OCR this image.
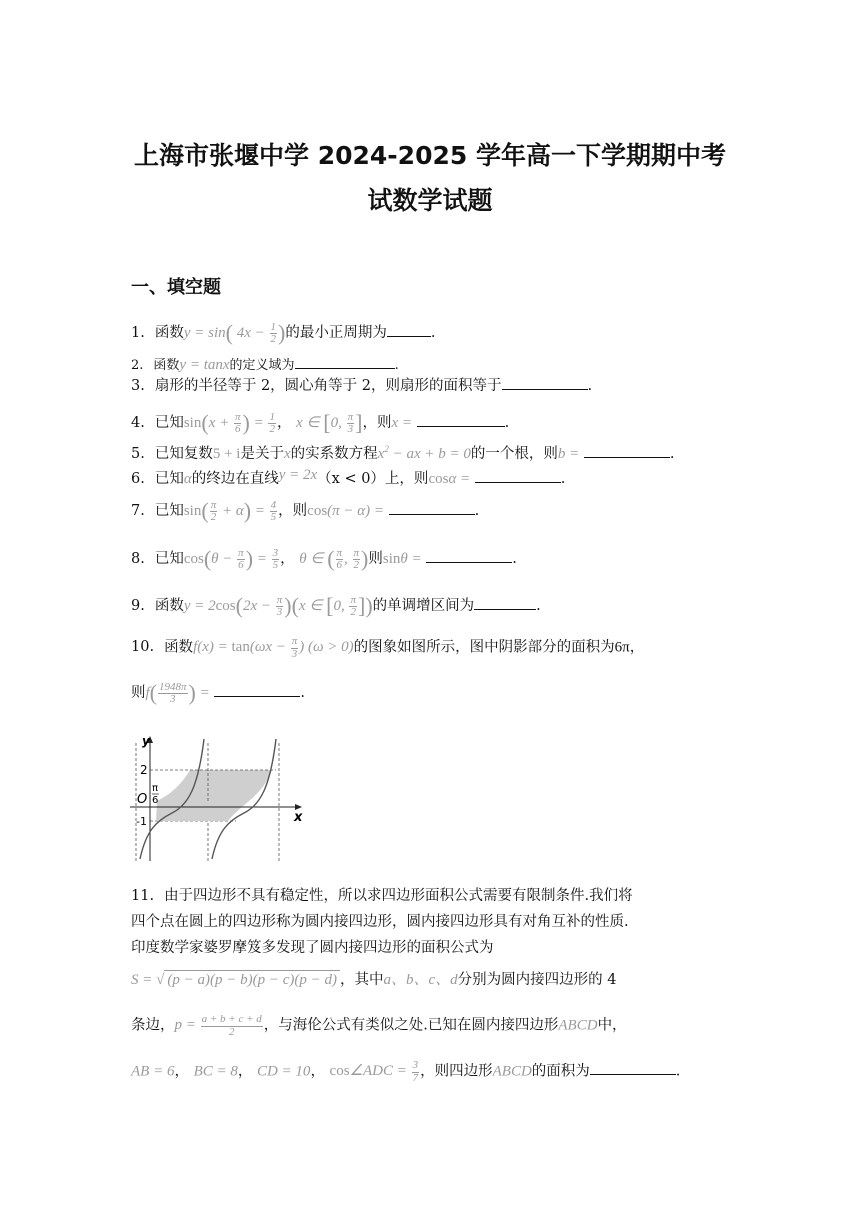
上海市张堰中学 2024-2025 学年高一下学期期中考
试数学试题
一、填空题
1. 函数y = sin( $4x - \frac{1}{2}$ )的最小正周期为	.
2. 函数y = tanx的定义域为	.
3. 扇形的半径等于 2，圆心角等于 2，则扇形的面积等于	.
4. 已知$\sin(x + \frac{\pi}{6}$ ) = $\frac{1}{2}$ ， x ∈ [0, $\frac{\pi}{3}$ ]，则x =	.
5. 已知复数5 + i是关于x的实系数方程$x^2$ − ax + b = 0的一个根，则b =	.
6. 已知α的终边在直线y = 2x（x < 0）上，则cosα =	.
7. 已知$\sin( \frac{\pi}{2} + \alpha) = \frac{4}{5}$ ，则cos(π − α) =	.
8. 已知$\cos(\theta - \frac{\pi}{6}$ ) = $\frac{3}{5}$ ， θ ∈ ( $\frac{\pi}{6}$ , $\frac{\pi}{2}$ )则sinθ =	.
9. 函数$y = 2\cos(2x - \frac{\pi}{3} )(x$ ∈ [0, $\frac{\pi}{2}$ ])的单调增区间为	.
10. 函数$f(x) = \tan(\omega x - \frac{\pi}{3}$ ) (ω > 0)的图象如图所示，图中阴影部分的面积为6π，
则$f( \frac{1948\pi}{3}$ ) =	.
y
x
O
2
-1
π
6
11. 由于四边形不具有稳定性，所以求四边形面积公式需要有限制条件.我们将
四个点在圆上的四边形称为圆内接四边形，圆内接四边形具有对角互补的性质.
印度数学家婆罗摩笈多发现了圆内接四边形的面积公式为
S = √ (p − a)(p − b)(p − c)(p − d) ，其中a、b、c、d分别为圆内接四边形的 4
条边，$p = \frac{a + b + c + d}{2}$ ，与海伦公式有类似之处.已知在圆内接四边形ABCD中，
AB = 6， BC = 8， CD = 10， cos∠ADC = $\frac{3}{7}$ ，则四边形ABCD的面积为	.
